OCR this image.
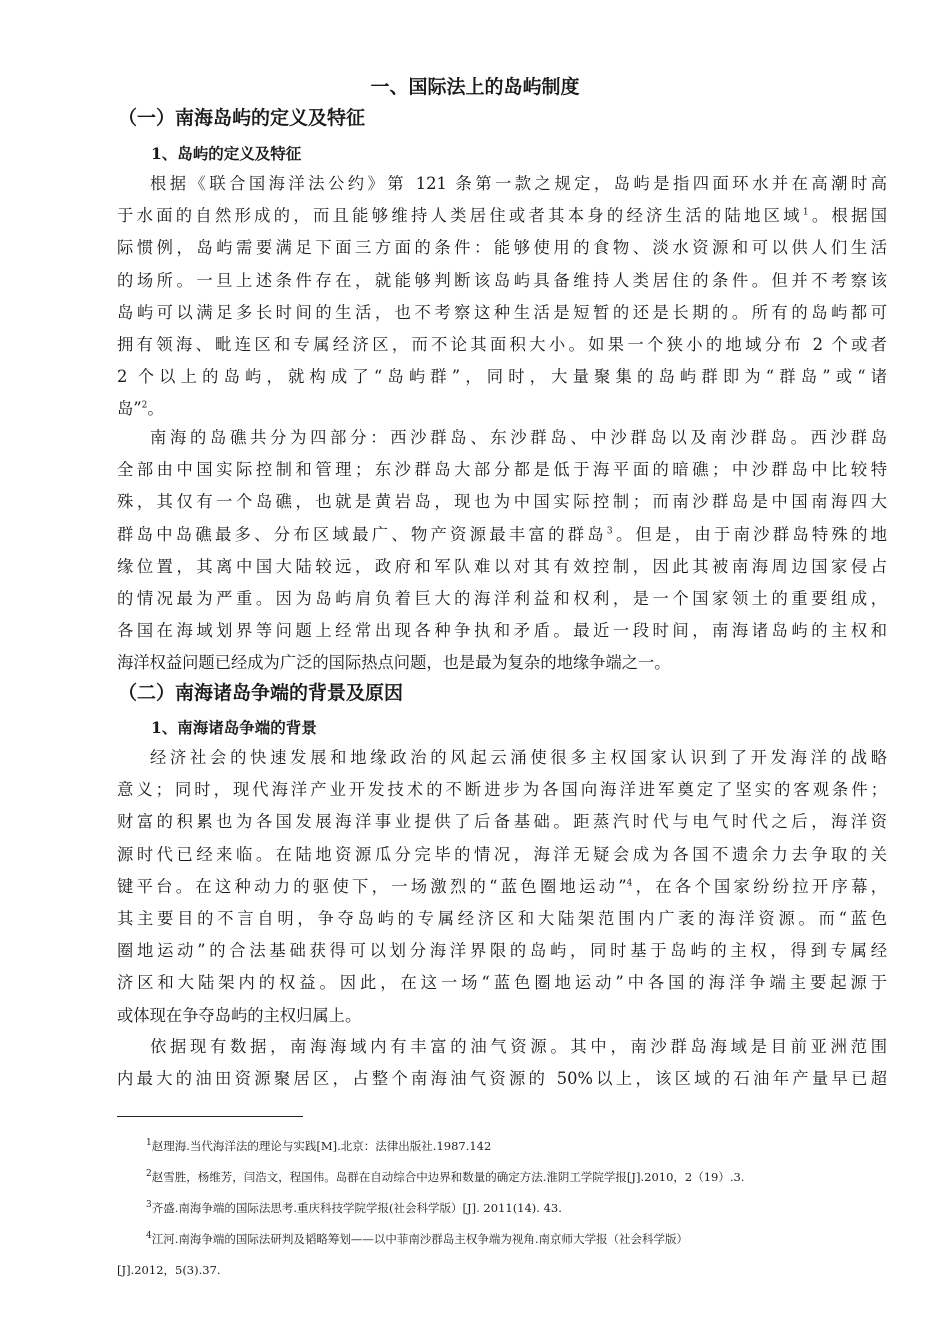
一、国际法上的岛屿制度
（一）南海岛屿的定义及特征
1、岛屿的定义及特征
根据《联合国海洋法公约》第 121 条第一款之规定，岛屿是指四面环水并在高潮时高
于水面的自然形成的，而且能够维持人类居住或者其本身的经济生活的陆地区域$^1$。根据国
际惯例，岛屿需要满足下面三方面的条件：能够使用的食物、淡水资源和可以供人们生活
的场所。一旦上述条件存在，就能够判断该岛屿具备维持人类居住的条件。但并不考察该
岛屿可以满足多长时间的生活，也不考察这种生活是短暂的还是长期的。所有的岛屿都可
拥有领海、毗连区和专属经济区，而不论其面积大小。如果一个狭小的地域分布 2 个或者
2 个以上的岛屿，就构成了“岛屿群”，同时，大量聚集的岛屿群即为“群岛”或“诸
岛”$^2$。
南海的岛礁共分为四部分：西沙群岛、东沙群岛、中沙群岛以及南沙群岛。西沙群岛
全部由中国实际控制和管理；东沙群岛大部分都是低于海平面的暗礁；中沙群岛中比较特
殊，其仅有一个岛礁，也就是黄岩岛，现也为中国实际控制；而南沙群岛是中国南海四大
群岛中岛礁最多、分布区域最广、物产资源最丰富的群岛$^3$。但是，由于南沙群岛特殊的地
缘位置，其离中国大陆较远，政府和军队难以对其有效控制，因此其被南海周边国家侵占
的情况最为严重。因为岛屿肩负着巨大的海洋利益和权利，是一个国家领土的重要组成，
各国在海域划界等问题上经常出现各种争执和矛盾。最近一段时间，南海诸岛屿的主权和
海洋权益问题已经成为广泛的国际热点问题，也是最为复杂的地缘争端之一。
（二）南海诸岛争端的背景及原因
1、南海诸岛争端的背景
经济社会的快速发展和地缘政治的风起云涌使很多主权国家认识到了开发海洋的战略
意义；同时，现代海洋产业开发技术的不断进步为各国向海洋进军奠定了坚实的客观条件；
财富的积累也为各国发展海洋事业提供了后备基础。距蒸汽时代与电气时代之后，海洋资
源时代已经来临。在陆地资源瓜分完毕的情况，海洋无疑会成为各国不遗余力去争取的关
键平台。在这种动力的驱使下，一场激烈的“蓝色圈地运动”$^4$，在各个国家纷纷拉开序幕，
其主要目的不言自明，争夺岛屿的专属经济区和大陆架范围内广袤的海洋资源。而“蓝色
圈地运动”的合法基础获得可以划分海洋界限的岛屿，同时基于岛屿的主权，得到专属经
济区和大陆架内的权益。因此，在这一场“蓝色圈地运动”中各国的海洋争端主要起源于
或体现在争夺岛屿的主权归属上。
依据现有数据，南海海域内有丰富的油气资源。其中，南沙群岛海域是目前亚洲范围
内最大的油田资源聚居区，占整个南海油气资源的 50%以上，该区域的石油年产量早已超

$^1$赵理海.当代海洋法的理论与实践[M].北京：法律出版社.1987.142

$^2$赵雪胜，杨维芳，闫浩文，程国伟。岛群在自动综合中边界和数量的确定方法.淮阴工学院学报[J].2010，2（19）.3.

$^3$齐盛.南海争端的国际法思考.重庆科技学院学报(社会科学版）[J]. 2011(14). 43.

$^4$江河.南海争端的国际法研判及韬略筹划——以中菲南沙群岛主权争端为视角.南京师大学报（社会科学版）

[J].2012，5(3).37.
